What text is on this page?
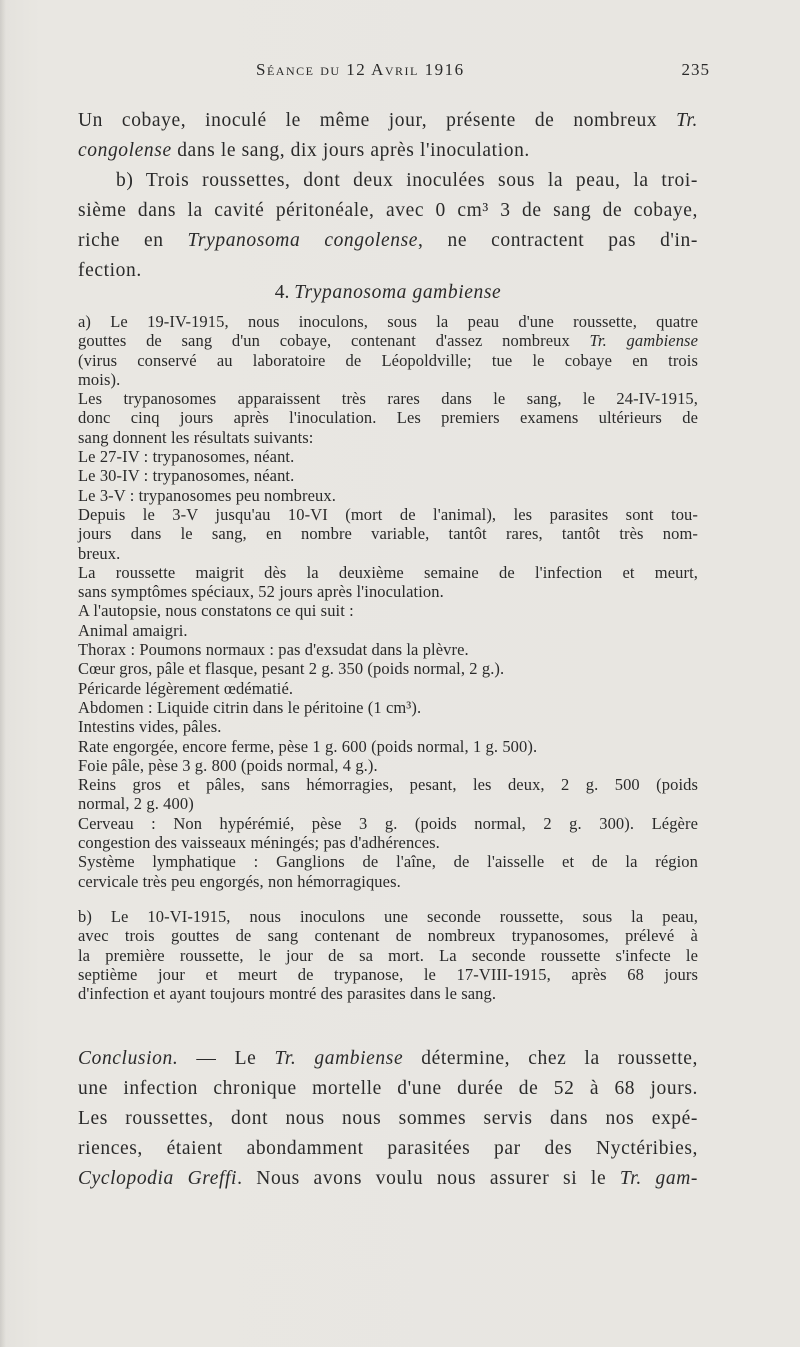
Séance du 12 Avril 1916	235
Un cobaye, inoculé le même jour, présente de nombreux Tr.
congolense dans le sang, dix jours après l'inoculation.
b) Trois roussettes, dont deux inoculées sous la peau, la troi-
sième dans la cavité péritonéale, avec 0 cm³ 3 de sang de cobaye,
riche en Trypanosoma congolense, ne contractent pas d'in-
fection.
4. Trypanosoma gambiense
a) Le 19-IV-1915, nous inoculons, sous la peau d'une roussette, quatre
gouttes de sang d'un cobaye, contenant d'assez nombreux Tr. gambiense
(virus conservé au laboratoire de Léopoldville; tue le cobaye en trois
mois).
Les trypanosomes apparaissent très rares dans le sang, le 24-IV-1915,
donc cinq jours après l'inoculation. Les premiers examens ultérieurs de
sang donnent les résultats suivants:
Le 27-IV : trypanosomes, néant.
Le 30-IV : trypanosomes, néant.
Le 3-V : trypanosomes peu nombreux.
Depuis le 3-V jusqu'au 10-VI (mort de l'animal), les parasites sont tou-
jours dans le sang, en nombre variable, tantôt rares, tantôt très nom-
breux.
La roussette maigrit dès la deuxième semaine de l'infection et meurt,
sans symptômes spéciaux, 52 jours après l'inoculation.
A l'autopsie, nous constatons ce qui suit :
Animal amaigri.
Thorax : Poumons normaux : pas d'exsudat dans la plèvre.
Cœur gros, pâle et flasque, pesant 2 g. 350 (poids normal, 2 g.).
Péricarde légèrement œdématié.
Abdomen : Liquide citrin dans le péritoine (1 cm³).
Intestins vides, pâles.
Rate engorgée, encore ferme, pèse 1 g. 600 (poids normal, 1 g. 500).
Foie pâle, pèse 3 g. 800 (poids normal, 4 g.).
Reins gros et pâles, sans hémorragies, pesant, les deux, 2 g. 500 (poids
normal, 2 g. 400)
Cerveau : Non hypérémié, pèse 3 g. (poids normal, 2 g. 300). Légère
congestion des vaisseaux méningés; pas d'adhérences.
Système lymphatique : Ganglions de l'aîne, de l'aisselle et de la région
cervicale très peu engorgés, non hémorragiques.
b) Le 10-VI-1915, nous inoculons une seconde roussette, sous la peau,
avec trois gouttes de sang contenant de nombreux trypanosomes, prélevé à
la première roussette, le jour de sa mort. La seconde roussette s'infecte le
septième jour et meurt de trypanose, le 17-VIII-1915, après 68 jours
d'infection et ayant toujours montré des parasites dans le sang.
Conclusion. — Le Tr. gambiense détermine, chez la roussette,
une infection chronique mortelle d'une durée de 52 à 68 jours.
Les roussettes, dont nous nous sommes servis dans nos expé-
riences, étaient abondamment parasitées par des Nyctéribies,
Cyclopodia Greffi. Nous avons voulu nous assurer si le Tr. gam-
